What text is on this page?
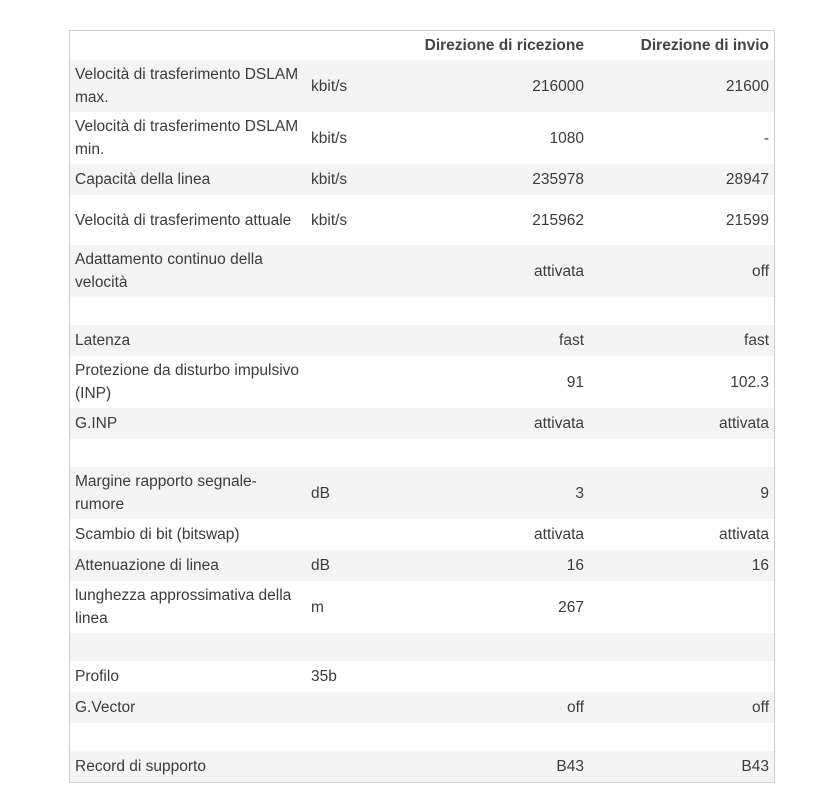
		Direzione di ricezione	Direzione di invio
Velocità di trasferimento DSLAM max.	kbit/s	216000	21600
Velocità di trasferimento DSLAM min.	kbit/s	1080	-
Capacità della linea	kbit/s	235978	28947
Velocità di trasferimento attuale	kbit/s	215962	21599
Adattamento continuo della velocità		attivata	off

Latenza		fast	fast
Protezione da disturbo impulsivo (INP)		91	102.3
G.INP		attivata	attivata

Margine rapporto segnale-rumore	dB	3	9
Scambio di bit (bitswap)		attivata	attivata
Attenuazione di linea	dB	16	16
lunghezza approssimativa della linea	m	267	

Profilo	35b		
G.Vector		off	off

Record di supporto		B43	B43
